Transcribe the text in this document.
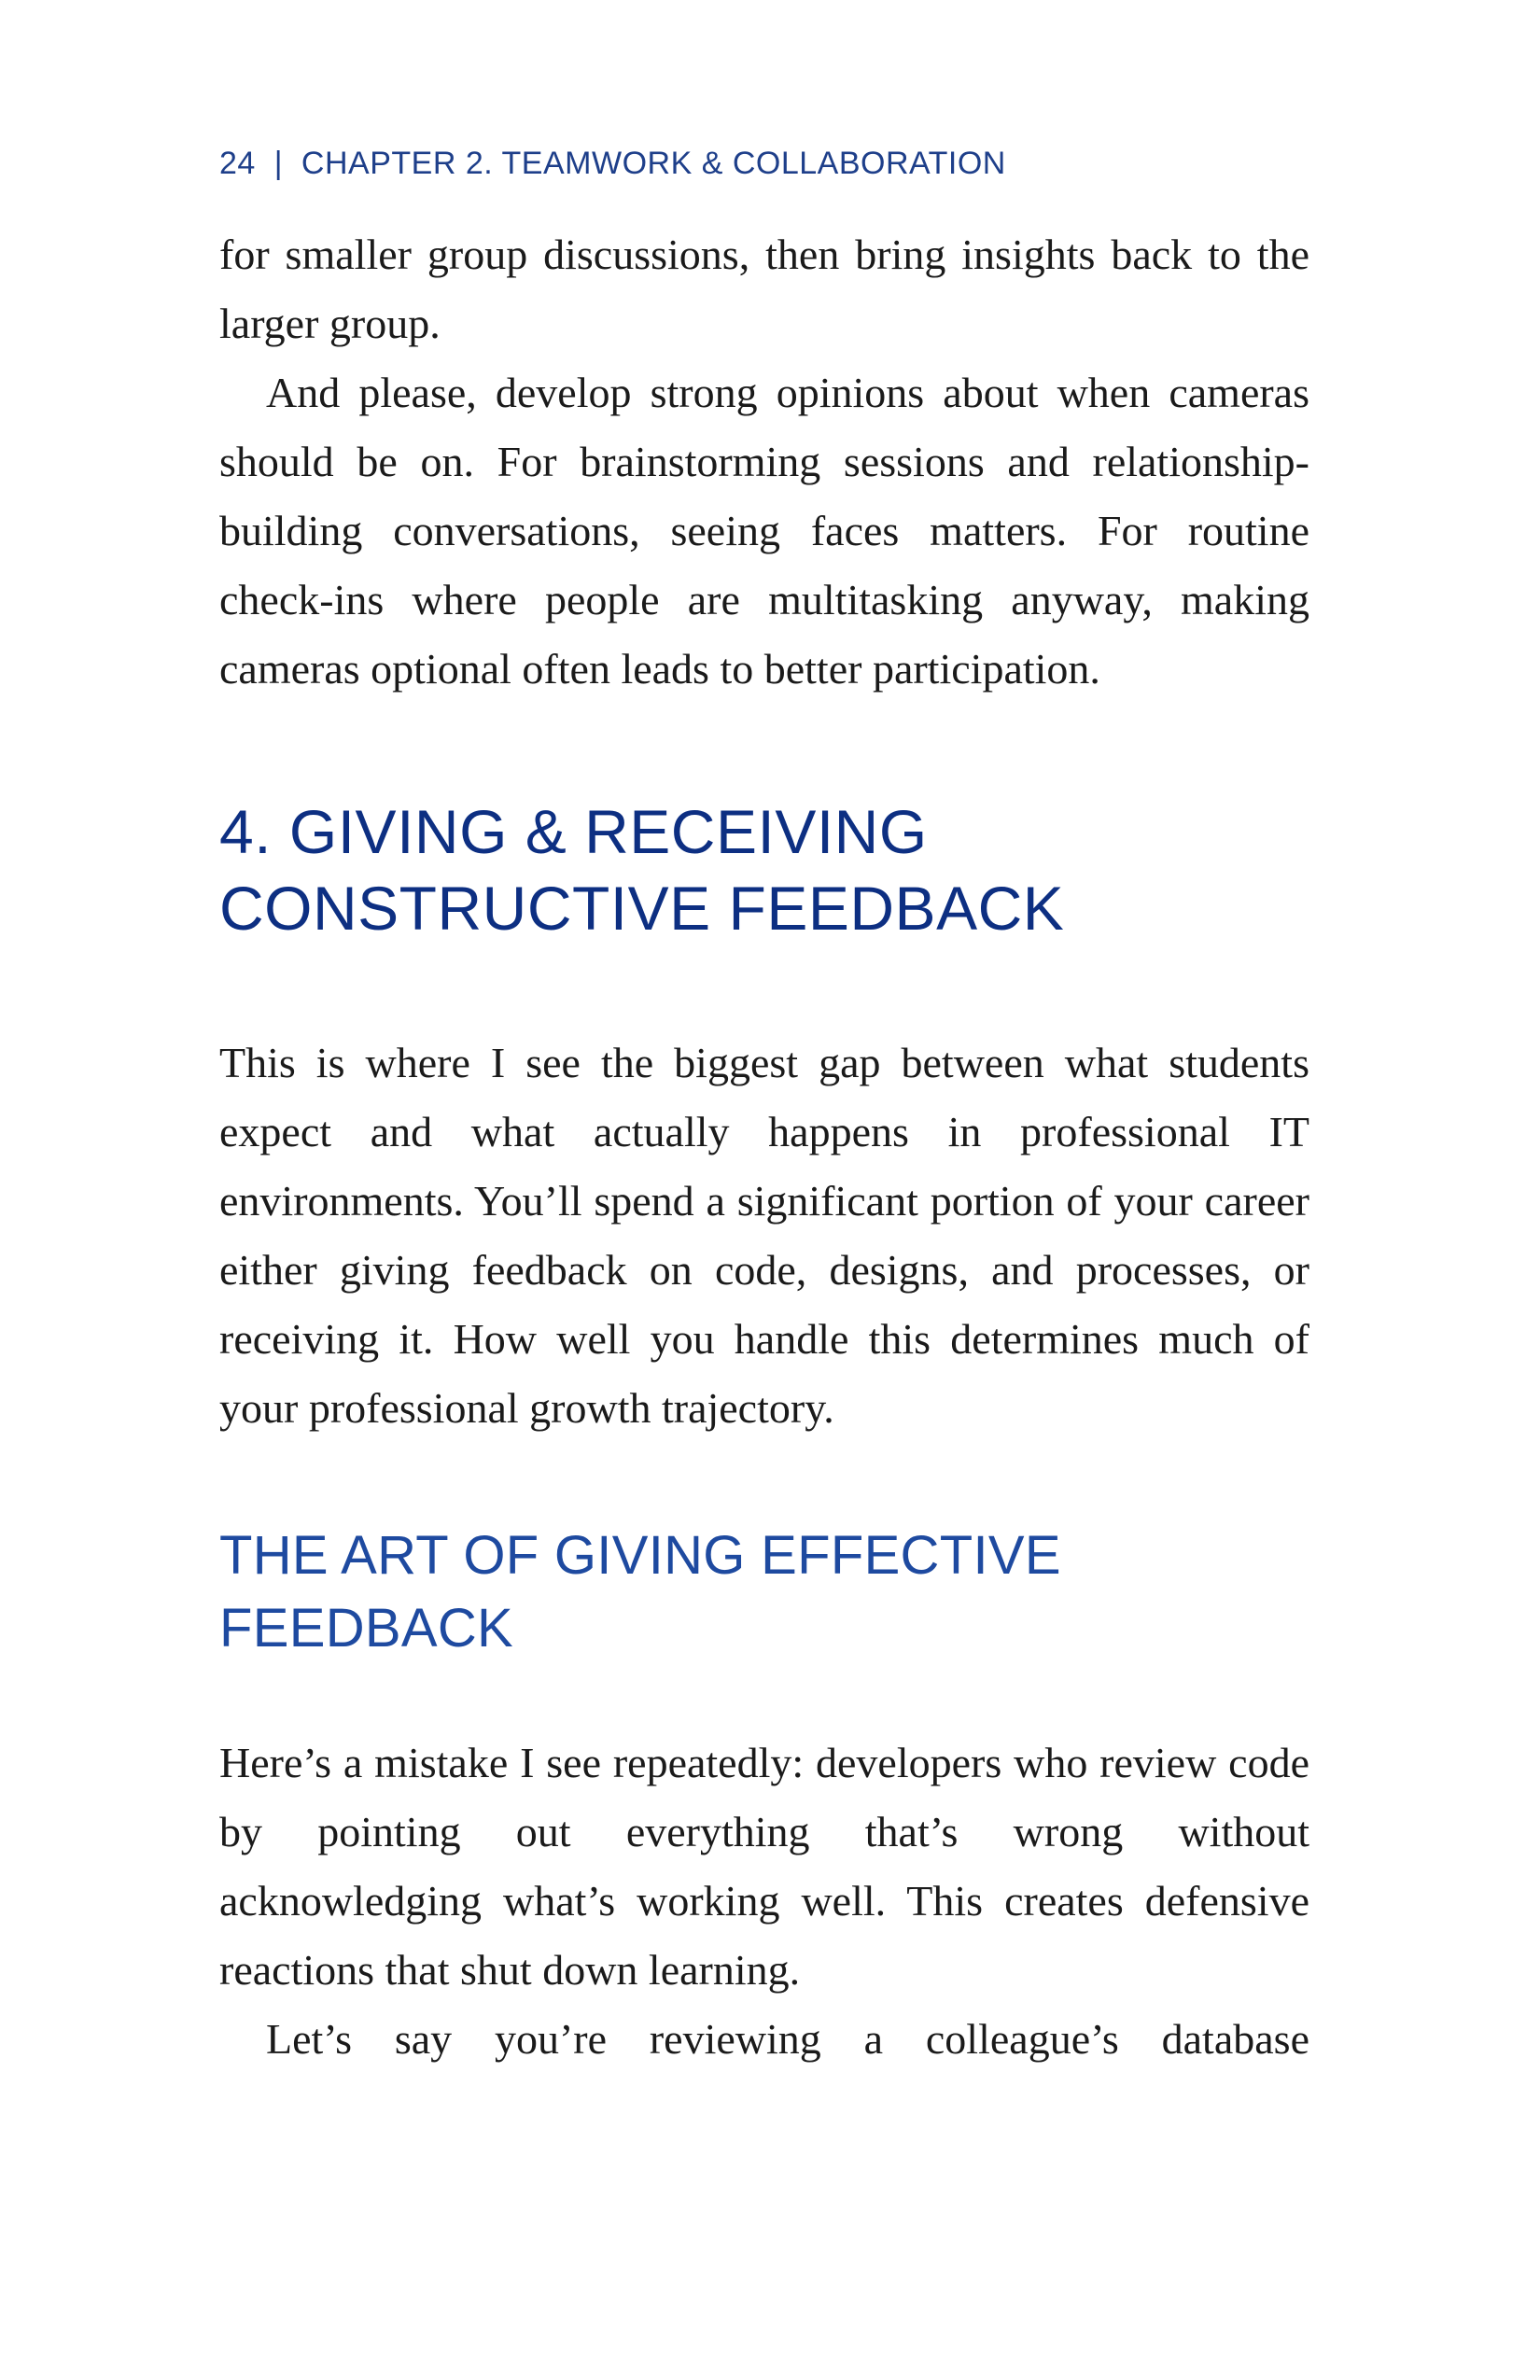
24  |  CHAPTER 2. TEAMWORK & COLLABORATION

for smaller group discussions, then bring insights back to the larger group.

And please, develop strong opinions about when cameras should be on. For brainstorming sessions and relationship-building conversations, seeing faces matters. For routine check-ins where people are multitasking anyway, making cameras optional often leads to better participation.

4. GIVING & RECEIVING CONSTRUCTIVE FEEDBACK

This is where I see the biggest gap between what students expect and what actually happens in professional IT environments. You’ll spend a significant portion of your career either giving feedback on code, designs, and processes, or receiving it. How well you handle this determines much of your professional growth trajectory.

THE ART OF GIVING EFFECTIVE FEEDBACK

Here’s a mistake I see repeatedly: developers who review code by pointing out everything that’s wrong without acknowledging what’s working well. This creates defensive reactions that shut down learning.

Let’s say you’re reviewing a colleague’s database
